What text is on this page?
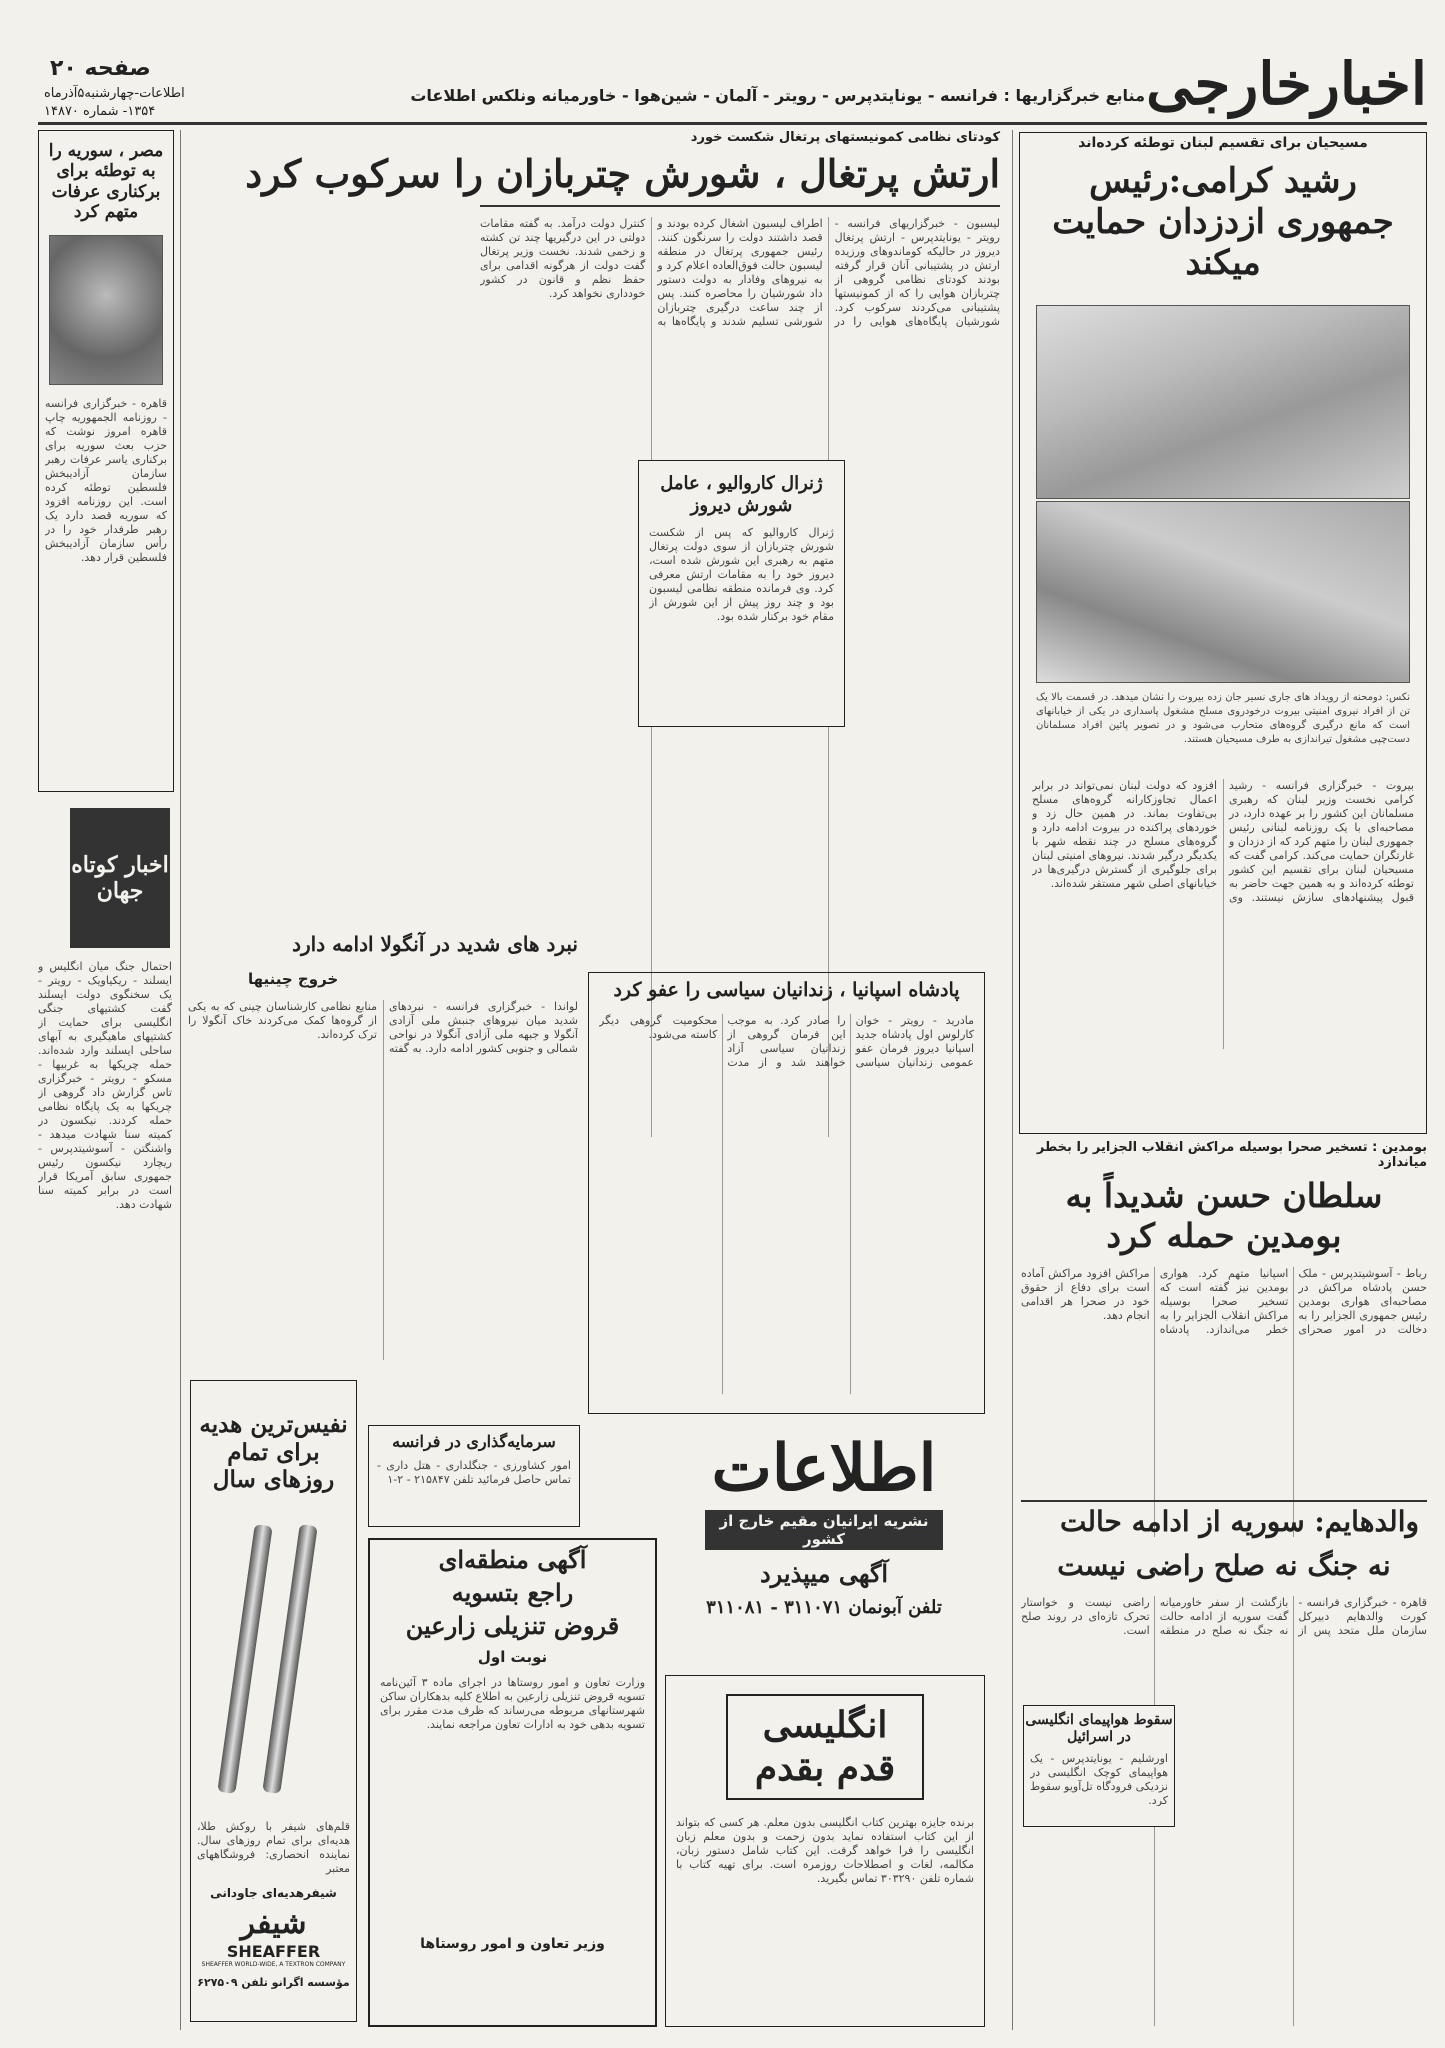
اخبارخارجی
منابع خبرگزاریها : فرانسه - یونایتدپرس - رویتر - آلمان - شین‌هوا - خاورمیانه ونلکس اطلاعات
صفحه ۲۰
اطلاعات-چهارشنبه۵آذرماه
۱۳۵۴- شماره ۱۴۸۷۰
مسیحیان برای تقسیم لبنان توطئه کرده‌اند
رشید کرامی:رئیس جمهوری ازدزدان حمایت میکند
نکس: دومحنه از رویداد های جاری‌ نسیر جان زده بیروت را نشان میدهد. در قسمت بالا یک تن از افراد نیروی امنیتی بیروت درخودروی مسلح مشغول پاسداری در یکی از خیابانهای است که مانع درگیری گروه‌های متحارب می‌شود و در تصویر پائین افراد مسلمانان دست‌چپی مشغول تیراندازی به طرف مسیحیان هستند.
بیروت - خبرگزاری فرانسه - رشید کرامی نخست وزیر لبنان که رهبری مسلمانان این کشور را بر عهده دارد، در مصاحبه‌ای با یک روزنامه لبنانی رئیس جمهوری لبنان را متهم کرد که از دزدان و غارتگران حمایت می‌کند. کرامی گفت که مسیحیان لبنان برای تقسیم این کشور توطئه کرده‌اند و به همین جهت حاضر به قبول پیشنهادهای سازش نیستند. وی افزود که دولت لبنان نمی‌تواند در برابر اعمال تجاوزکارانه گروه‌های مسلح بی‌تفاوت بماند. در همین حال زد و خوردهای پراکنده در بیروت ادامه دارد و گروه‌های مسلح در چند نقطه شهر با یکدیگر درگیر شدند. نیروهای امنیتی لبنان برای جلوگیری از گسترش درگیری‌ها در خیابانهای اصلی شهر مستقر شده‌اند.
بومدین : تسخیر صحرا بوسیله مراکش انقلاب الجزایر را بخطر میاندازد
سلطان حسن شدیداً به بومدین حمله کرد
رباط - آسوشیتدپرس - ملک حسن پادشاه مراکش در مصاحبه‌ای هواری بومدین رئیس جمهوری الجزایر را به دخالت در امور صحرای اسپانیا متهم کرد. هواری بومدین نیز گفته است که تسخیر صحرا بوسیله مراکش انقلاب الجزایر را به خطر می‌اندازد. پادشاه مراکش افزود مراکش آماده است برای دفاع از حقوق خود در صحرا هر اقدامی انجام دهد.
والدهایم: سوریه از ادامه حالت
نه جنگ نه صلح راضی نیست
قاهره - خبرگزاری فرانسه - کورت والدهایم دبیرکل سازمان ملل متحد پس از بازگشت از سفر خاورمیانه گفت سوریه از ادامه حالت نه جنگ نه صلح در منطقه راضی نیست و خواستار تحرک تازه‌ای در روند صلح است.
سقوط هواپیمای انگلیسی در اسرائیل
اورشلیم - یونایتدپرس - یک هواپیمای کوچک انگلیسی در نزدیکی فرودگاه تل‌آویو سقوط کرد.
کودتای نظامی کمونیستهای پرتغال شکست خورد
ارتش پرتغال ، شورش چتربازان را سرکوب کرد
لیسبون - خبرگزاریهای فرانسه - رویتر - یونایتدپرس - ارتش پرتغال دیروز در حالیکه کوماندوهای ورزیده ارتش در پشتیبانی آنان قرار گرفته بودند کودتای نظامی گروهی از چتربازان هوایی را که از کمونیستها پشتیبانی می‌کردند سرکوب کرد. شورشیان پایگاه‌های هوایی را در اطراف لیسبون اشغال کرده بودند و قصد داشتند دولت را سرنگون کنند. رئیس جمهوری پرتغال در منطقه لیسبون حالت فوق‌العاده اعلام کرد و به نیروهای وفادار به دولت دستور داد شورشیان را محاصره کنند. پس از چند ساعت درگیری چتربازان شورشی تسلیم شدند و پایگاه‌ها به کنترل دولت درآمد. به گفته مقامات دولتی در این درگیریها چند تن کشته و زخمی شدند. نخست وزیر پرتغال گفت دولت از هرگونه اقدامی برای حفظ نظم و قانون در کشور خودداری نخواهد کرد.
ژنرال کاروالیو ، عامل شورش دیروز
ژنرال کاروالیو که پس از شکست شورش چتربازان از سوی دولت پرتغال متهم به رهبری این شورش شده است، دیروز خود را به مقامات ارتش معرفی کرد. وی فرمانده منطقه نظامی لیسبون بود و چند روز پیش از این شورش از مقام خود برکنار شده بود.
مصر ، سوریه را به توطئه برای برکناری عرفات متهم کرد
قاهره - خبرگزاری فرانسه - روزنامه الجمهوریه چاپ قاهره امروز نوشت که حزب بعث سوریه برای برکناری یاسر عرفات رهبر سازمان آزادیبخش فلسطین توطئه کرده است. این روزنامه افزود که سوریه قصد دارد یک رهبر طرفدار خود را در رأس سازمان آزادیبخش فلسطین قرار دهد.
اخبار کوتاه جهان
احتمال جنگ میان انگلیس و ایسلند - ریکیاویک - رویتر - یک سخنگوی دولت ایسلند گفت کشتیهای جنگی انگلیسی برای حمایت از کشتیهای ماهیگیری به آبهای ساحلی ایسلند وارد شده‌اند. حمله چریکها به غربیها - مسکو - رویتر - خبرگزاری تاس گزارش داد گروهی از چریکها به یک پایگاه نظامی حمله کردند. نیکسون در کمیته سنا شهادت میدهد - واشنگتن - آسوشیتدپرس - ریچارد نیکسون رئیس جمهوری سابق آمریکا قرار است در برابر کمیته سنا شهادت دهد.
نبرد های شدید در آنگولا ادامه دارد
خروج چینیها
لواندا - خبرگزاری فرانسه - نبردهای شدید میان نیروهای جنبش ملی آزادی آنگولا و جبهه ملی آزادی آنگولا در نواحی شمالی و جنوبی کشور ادامه دارد. به گفته منابع نظامی کارشناسان چینی که به یکی از گروه‌ها کمک می‌کردند خاک آنگولا را ترک کرده‌اند.
پادشاه اسپانیا ، زندانیان سیاسی را عفو کرد
مادرید - رویتر - خوان کارلوس اول پادشاه جدید اسپانیا دیروز فرمان عفو عمومی زندانیان سیاسی را صادر کرد. به موجب این فرمان گروهی از زندانیان سیاسی آزاد خواهند شد و از مدت محکومیت گروهی دیگر کاسته می‌شود.
نفیس‌ترین هدیه برای تمام روزهای سال
قلم‌های شیفر با روکش طلا، هدیه‌ای برای تمام روزهای سال. نماینده انحصاری: فروشگاههای معتبر
شیفرهدیه‌ای جاودانی
شیفر
SHEAFFER
SHEAFFER WORLD-WIDE, A TEXTRON COMPANY
مؤسسه اگرانو تلفن ۶۲۷۵۰۹
سرمایه‌گذاری در فرانسه
امور کشاورزی - جنگلداری - هتل داری - تماس حاصل فرمائید تلفن ۲۱۵۸۴۷ - ۲-۱
آگهی منطقه‌ای
راجع بتسویه
قروض تنزیلی زارعین
نوبت اول
وزارت تعاون و امور روستاها در اجرای ماده ۳ آئین‌نامه تسویه قروض تنزیلی زارعین به اطلاع کلیه بدهکاران ساکن شهرستانهای مربوطه می‌رساند که ظرف مدت مقرر برای تسویه بدهی خود به ادارات تعاون مراجعه نمایند.
وزیر تعاون و امور روستاها
اطلاعات
نشریه ایرانیان مقیم خارج از کشور
آگهی میپذیرد
تلفن آبونمان ۳۱۱۰۷۱ - ۳۱۱۰۸۱
انگلیسی قدم بقدم
برنده جایزه بهترین کتاب انگلیسی بدون معلم. هر کسی که بتواند از این کتاب استفاده نماید بدون زحمت و بدون معلم زبان انگلیسی را فرا خواهد گرفت. این کتاب شامل دستور زبان، مکالمه، لغات و اصطلاحات روزمره است. برای تهیه کتاب با شماره تلفن ۳۰۳۲۹۰ تماس بگیرید.
